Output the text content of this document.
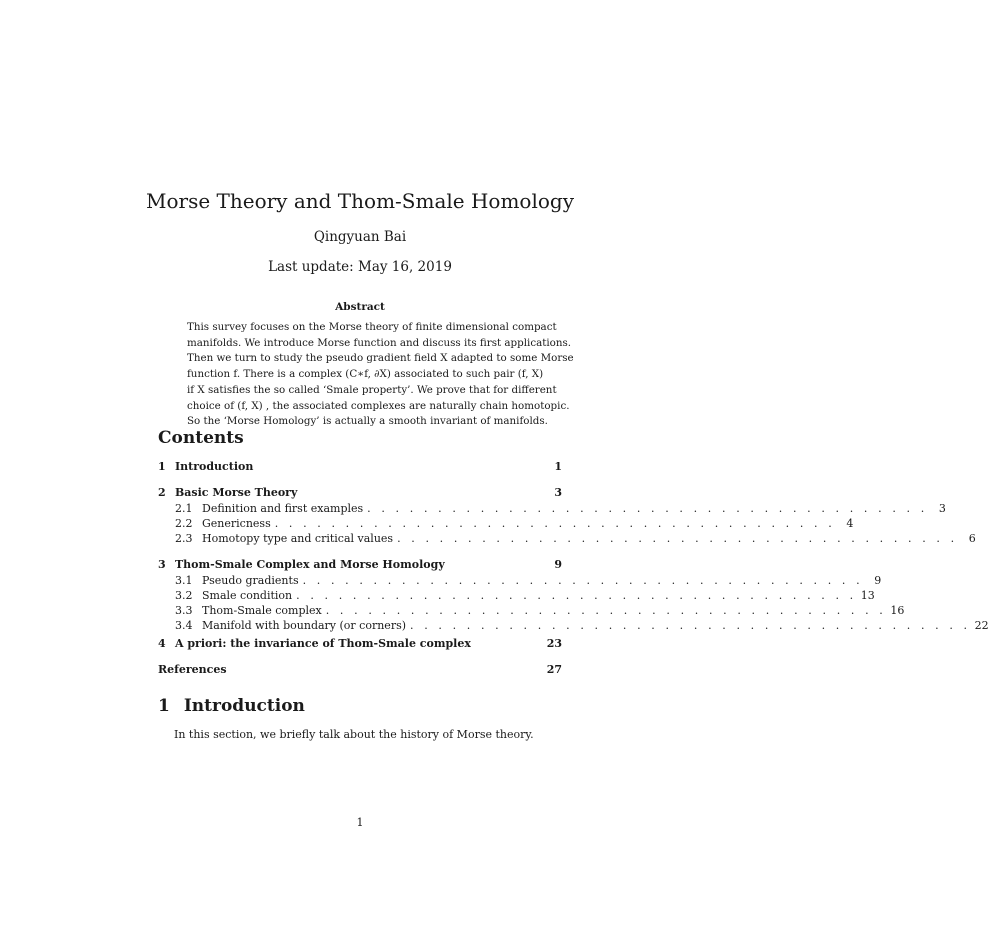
Morse Theory and Thom-Smale Homology
Qingyuan Bai
Last update: May 16, 2019
Abstract
This survey focuses on the Morse theory of finite dimensional compact
manifolds. We introduce Morse function and discuss its first applications.
Then we turn to study the pseudo gradient field X adapted to some Morse
function f. There is a complex (C∗f, ∂X) associated to such pair (f, X)
if X satisfies the so called ‘Smale property’. We prove that for different
choice of (f, X) , the associated complexes are naturally chain homotopic.
So the ‘Morse Homology’ is actually a smooth invariant of manifolds.
Contents
1 Introduction	1
2 Basic Morse Theory	3
2.1 Definition and first examples . . . . . . . . . . . . . . . . . . . . . . . . . . . . . . . . . . . . . . . .	3
2.2 Genericness . . . . . . . . . . . . . . . . . . . . . . . . . . . . . . . . . . . . . . . .	4
2.3 Homotopy type and critical values . . . . . . . . . . . . . . . . . . . . . . . . . . . . . . . . . . . . . . . .	6
3 Thom-Smale Complex and Morse Homology	9
3.1 Pseudo gradients . . . . . . . . . . . . . . . . . . . . . . . . . . . . . . . . . . . . . . . .	9
3.2 Smale condition . . . . . . . . . . . . . . . . . . . . . . . . . . . . . . . . . . . . . . . . 13
3.3 Thom-Smale complex . . . . . . . . . . . . . . . . . . . . . . . . . . . . . . . . . . . . . . . . 16
3.4 Manifold with boundary (or corners) . . . . . . . . . . . . . . . . . . . . . . . . . . . . . . . . . . . . . . . . 22
4 A priori: the invariance of Thom-Smale complex	23
References	27
1 Introduction
In this section, we briefly talk about the history of Morse theory.
1
